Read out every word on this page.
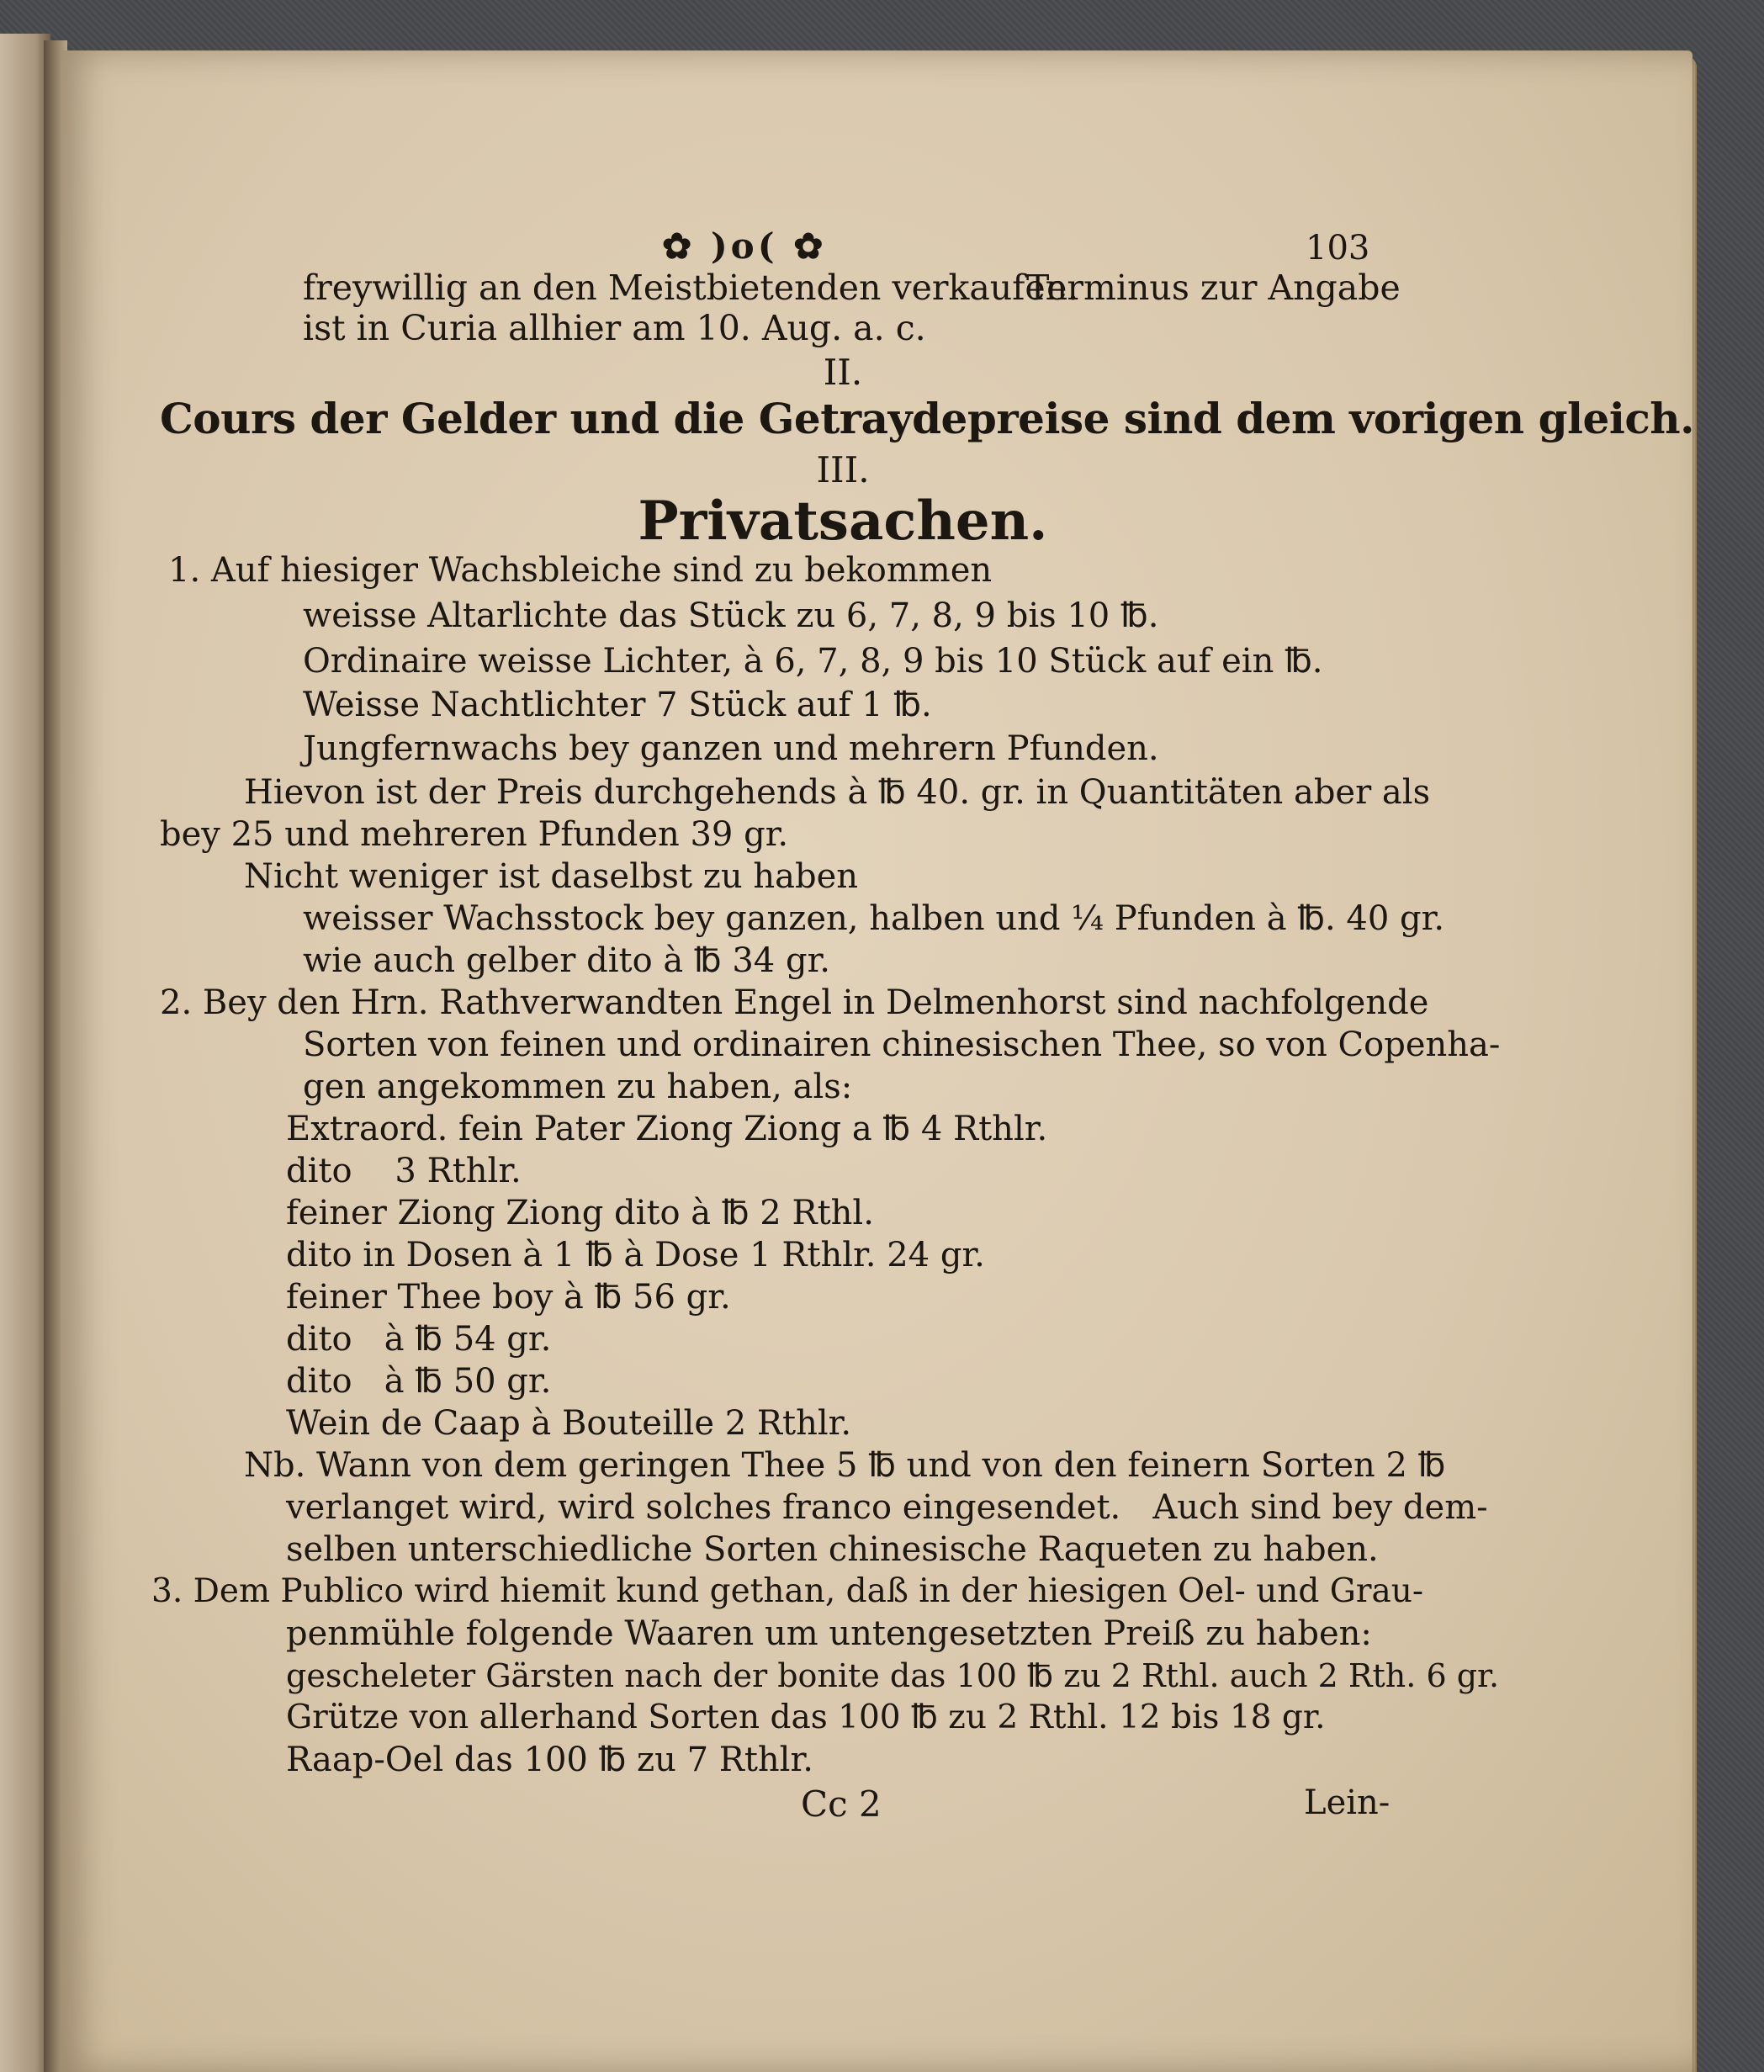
✿ )o( ✿	103
freywillig an den Meistbietenden verkaufen.
Terminus zur Angabe
ist in Curia allhier am 10. Aug. a. c.
II.
Cours der Gelder und die Getraydepreise sind dem vorigen gleich.
III.
Privatsachen.
1. Auf hiesiger Wachsbleiche sind zu bekommen
weisse Altarlichte das Stück zu 6, 7, 8, 9 bis 10 ℔.
Ordinaire weisse Lichter, à 6, 7, 8, 9 bis 10 Stück auf ein ℔.
Weisse Nachtlichter 7 Stück auf 1 ℔.
Jungfernwachs bey ganzen und mehrern Pfunden.
Hievon ist der Preis durchgehends à ℔ 40. gr. in Quantitäten aber als
bey 25 und mehreren Pfunden 39 gr.
Nicht weniger ist daselbst zu haben
weisser Wachsstock bey ganzen, halben und ¼ Pfunden à ℔. 40 gr.
wie auch gelber dito à ℔ 34 gr.
2. Bey den Hrn. Rathverwandten Engel in Delmenhorst sind nachfolgende
Sorten von feinen und ordinairen chinesischen Thee, so von Copenha-
gen angekommen zu haben, als:
Extraord. fein Pater Ziong Ziong a ℔ 4 Rthlr.
dito    3 Rthlr.
feiner Ziong Ziong dito à ℔ 2 Rthl.
dito in Dosen à 1 ℔ à Dose 1 Rthlr. 24 gr.
feiner Thee boy à ℔ 56 gr.
dito   à ℔ 54 gr.
dito   à ℔ 50 gr.
Wein de Caap à Bouteille 2 Rthlr.
Nb. Wann von dem geringen Thee 5 ℔ und von den feinern Sorten 2 ℔
verlanget wird, wird solches franco eingesendet.   Auch sind bey dem-
selben unterschiedliche Sorten chinesische Raqueten zu haben.
3. Dem Publico wird hiemit kund gethan, daß in der hiesigen Oel- und Grau-
penmühle folgende Waaren um untengesetzten Preiß zu haben:
gescheleter Gärsten nach der bonite das 100 ℔ zu 2 Rthl. auch 2 Rth. 6 gr.
Grütze von allerhand Sorten das 100 ℔ zu 2 Rthl. 12 bis 18 gr.
Raap-Oel das 100 ℔ zu 7 Rthlr.
Cc 2	Lein-
